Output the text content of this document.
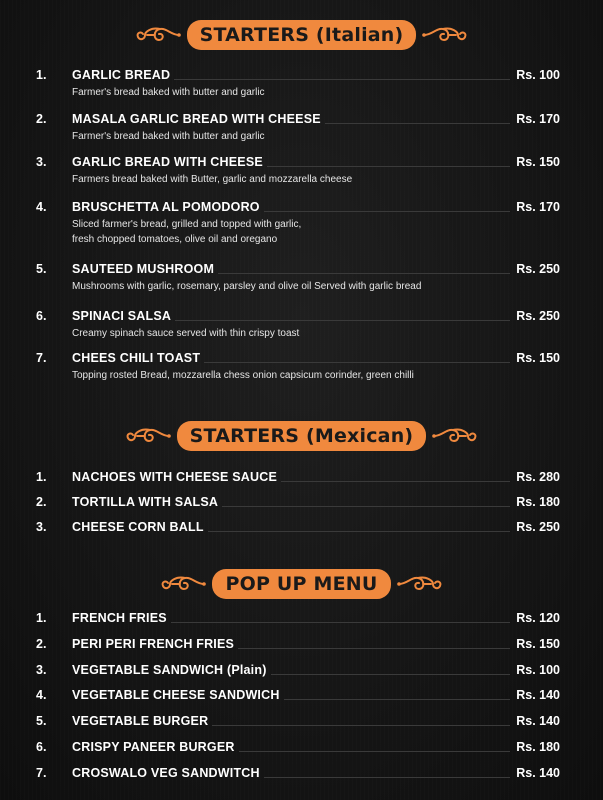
STARTERS (Italian)
1. GARLIC BREAD	Rs. 100
Farmer's bread baked with butter and garlic
2. MASALA GARLIC BREAD WITH CHEESE	Rs. 170
Farmer's bread baked with butter and garlic
3. GARLIC BREAD WITH CHEESE	Rs. 150
Farmers bread baked with Butter, garlic and mozzarella cheese
4. BRUSCHETTA AL POMODORO	Rs. 170
Sliced farmer's bread, grilled and topped with garlic,
fresh chopped tomatoes, olive oil and oregano
5. SAUTEED MUSHROOM	Rs. 250
Mushrooms with garlic, rosemary, parsley and olive oil Served with garlic bread
6. SPINACI SALSA	Rs. 250
Creamy spinach sauce served with thin crispy toast
7. CHEES CHILI TOAST	Rs. 150
Topping rosted Bread, mozzarella chess onion capsicum corinder, green chilli
STARTERS (Mexican)
1. NACHOES WITH CHEESE SAUCE	Rs. 280
2. TORTILLA WITH SALSA	Rs. 180
3. CHEESE CORN BALL	Rs. 250
POP UP MENU
1. FRENCH FRIES	Rs. 120
2. PERI PERI FRENCH FRIES	Rs. 150
3. VEGETABLE SANDWICH (Plain)	Rs. 100
4. VEGETABLE CHEESE SANDWICH	Rs. 140
5. VEGETABLE BURGER	Rs. 140
6. CRISPY PANEER BURGER	Rs. 180
7. CROSWALO VEG SANDWITCH	Rs. 140
